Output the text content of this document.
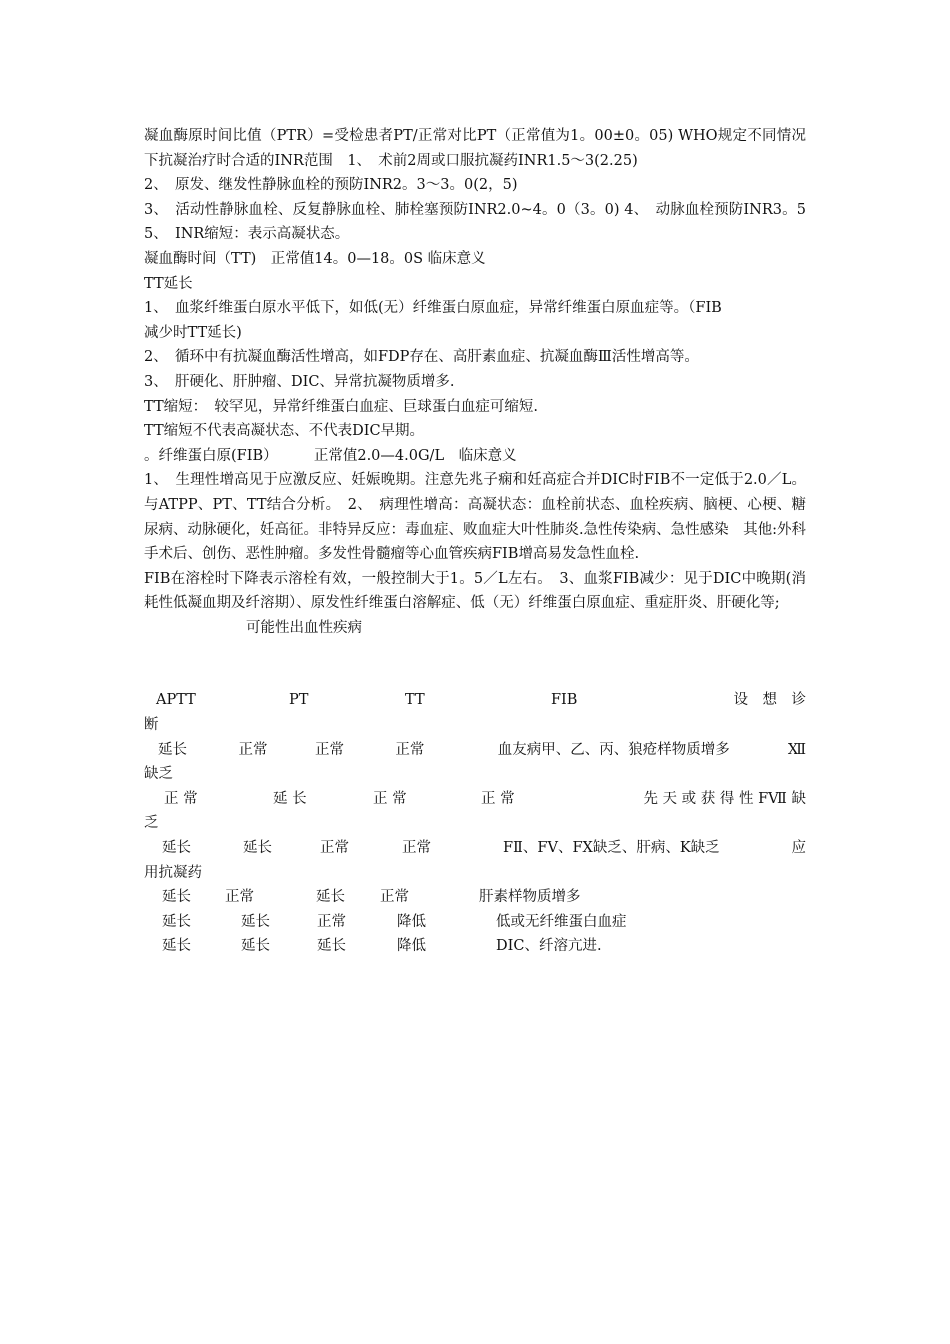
凝血酶原时间比值（PTR）=受检患者PT/正常对比PT（正常值为1。00±0。05) WHO规定不同情况下抗凝治疗时合适的INR范围　1、　术前2周或口服抗凝药INR1.5～3(2.25)

2、　原发、继发性静脉血栓的预防INR2。3～3。0(2，5)

3、　活动性静脉血栓、反复静脉血栓、肺栓塞预防INR2.0~4。0（3。0) 4、　动脉血栓预防INR3。5 5、　INR缩短：表示高凝状态。

凝血酶时间（TT)　正常值14。0—18。0S 临床意义

TT延长

1、　血浆纤维蛋白原水平低下，如低(无）纤维蛋白原血症，异常纤维蛋白原血症等。（FIB

减少时TT延长)

2、　循环中有抗凝血酶活性增高，如FDP存在、高肝素血症、抗凝血酶Ⅲ活性增高等。

3、　肝硬化、肝肿瘤、DIC、异常抗凝物质增多.

TT缩短：　较罕见，异常纤维蛋白血症、巨球蛋白血症可缩短.

TT缩短不代表高凝状态、不代表DIC早期。

。纤维蛋白原(FIB）　　　正常值2.0—4.0G/L　临床意义

1、　生理性增高见于应激反应、妊娠晚期。注意先兆子痫和妊高症合并DIC时FIB不一定低于2.0／L。与ATPP、PT、TT结合分析。　2、　病理性增高：高凝状态：血栓前状态、血栓疾病、脑梗、心梗、糖尿病、动脉硬化，妊高征。非特异反应：毒血症、败血症大叶性肺炎.急性传染病、急性感染　其他:外科手术后、创伤、恶性肿瘤。多发性骨髓瘤等心血管疾病FIB增高易发急性血栓.

FIB在溶栓时下降表示溶栓有效，一般控制大于1。5／L左右。　3、血浆FIB减少：见于DIC中晚期(消耗性低凝血期及纤溶期）、原发性纤维蛋白溶解症、低（无）纤维蛋白原血症、重症肝炎、肝硬化等;

可能性出血性疾病

APTT	PT	TT	FIB	设　想　诊
断
延长	正常	正常	正常	血友病甲、乙、丙、狼疮样物质增多	Ⅻ
缺乏
正 常	延 长	正 常	正 常	先 天 或 获 得 性 FⅦ 缺
乏
延长	延长	正常	正常	FⅡ、FⅤ、FⅩ缺乏、肝病、K缺乏	应
用抗凝药
延长	正常	延长	正常	肝素样物质增多
延长	延长	正常	降低	低或无纤维蛋白血症
延长	延长	延长	降低	DIC、纤溶亢进.
